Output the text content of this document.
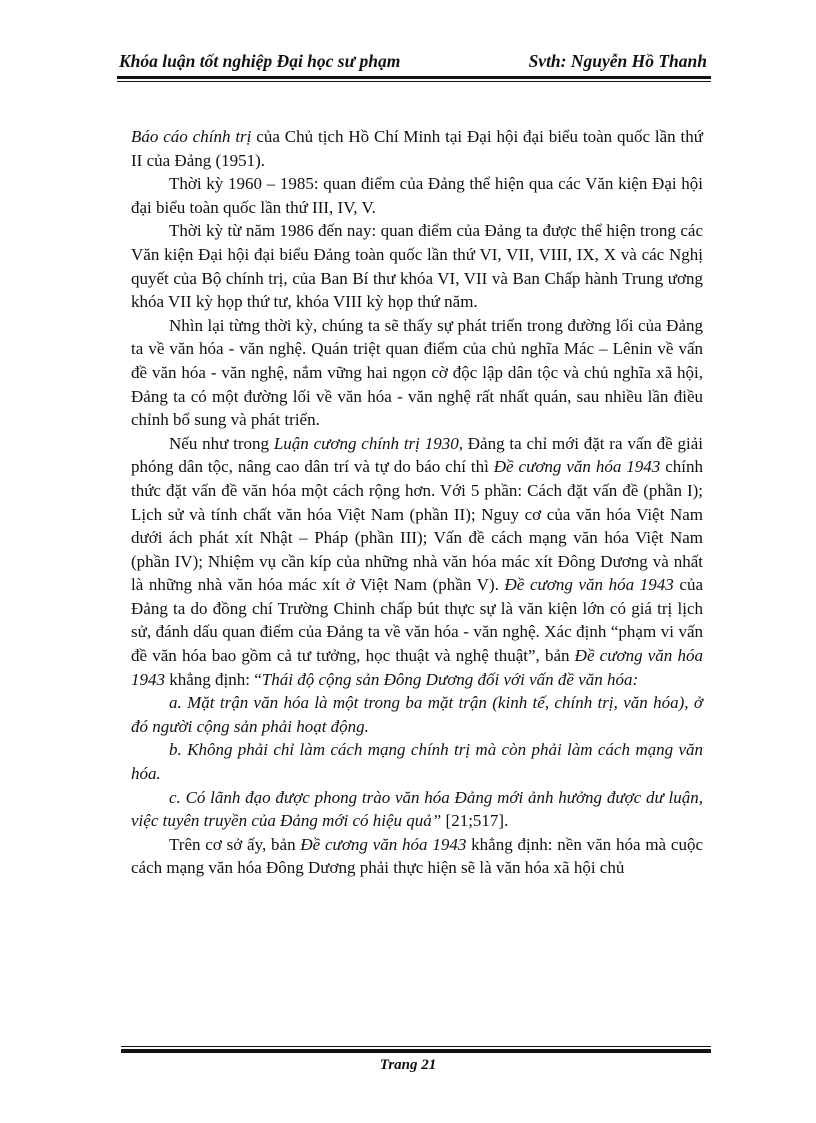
Khóa luận tốt nghiệp Đại học sư phạm	Svth: Nguyễn Hồ Thanh

Báo cáo chính trị của Chủ tịch Hồ Chí Minh tại Đại hội đại biểu toàn quốc lần thứ II của Đảng (1951).

Thời kỳ 1960 – 1985: quan điểm của Đảng thể hiện qua các Văn kiện Đại hội đại biểu toàn quốc lần thứ III, IV, V.

Thời kỳ từ năm 1986 đến nay: quan điểm của Đảng ta được thể hiện trong các Văn kiện Đại hội đại biểu Đảng toàn quốc lần thứ VI, VII, VIII, IX, X và các Nghị quyết của Bộ chính trị, của Ban Bí thư khóa VI, VII và Ban Chấp hành Trung ương khóa VII kỳ họp thứ tư, khóa VIII kỳ họp thứ năm.

Nhìn lại từng thời kỳ, chúng ta sẽ thấy sự phát triển trong đường lối của Đảng ta về văn hóa - văn nghệ. Quán triệt quan điểm của chủ nghĩa Mác – Lênin về vấn đề văn hóa - văn nghệ, nắm vững hai ngọn cờ độc lập dân tộc và chủ nghĩa xã hội, Đảng ta có một đường lối về văn hóa - văn nghệ rất nhất quán, sau nhiều lần điều chỉnh bổ sung và phát triển.

Nếu như trong Luận cương chính trị 1930, Đảng ta chỉ mới đặt ra vấn đề giải phóng dân tộc, nâng cao dân trí và tự do báo chí thì Đề cương văn hóa 1943 chính thức đặt vấn đề văn hóa một cách rộng hơn. Với 5 phần: Cách đặt vấn đề (phần I); Lịch sử và tính chất văn hóa Việt Nam (phần II); Nguy cơ của văn hóa Việt Nam dưới ách phát xít Nhật – Pháp (phần III); Vấn đề cách mạng văn hóa Việt Nam (phần IV); Nhiệm vụ cần kíp của những nhà văn hóa mác xít Đông Dương và nhất là những nhà văn hóa mác xít ở Việt Nam (phần V). Đề cương văn hóa 1943 của Đảng ta do đồng chí Trường Chinh chấp bút thực sự là văn kiện lớn có giá trị lịch sử, đánh dấu quan điểm của Đảng ta về văn hóa - văn nghệ. Xác định “phạm vi vấn đề văn hóa bao gồm cả tư tưởng, học thuật và nghệ thuật”, bản Đề cương văn hóa 1943 khẳng định: “Thái độ cộng sản Đông Dương đối với vấn đề văn hóa:

a. Mặt trận văn hóa là một trong ba mặt trận (kinh tế, chính trị, văn hóa), ở đó người cộng sản phải hoạt động.

b. Không phải chỉ làm cách mạng chính trị mà còn phải làm cách mạng văn hóa.

c. Có lãnh đạo được phong trào văn hóa Đảng mới ảnh hưởng được dư luận, việc tuyên truyền của Đảng mới có hiệu quả” [21;517].

Trên cơ sở ấy, bản Đề cương văn hóa 1943 khẳng định: nền văn hóa mà cuộc cách mạng văn hóa Đông Dương phải thực hiện sẽ là văn hóa xã hội chủ

Trang 21
